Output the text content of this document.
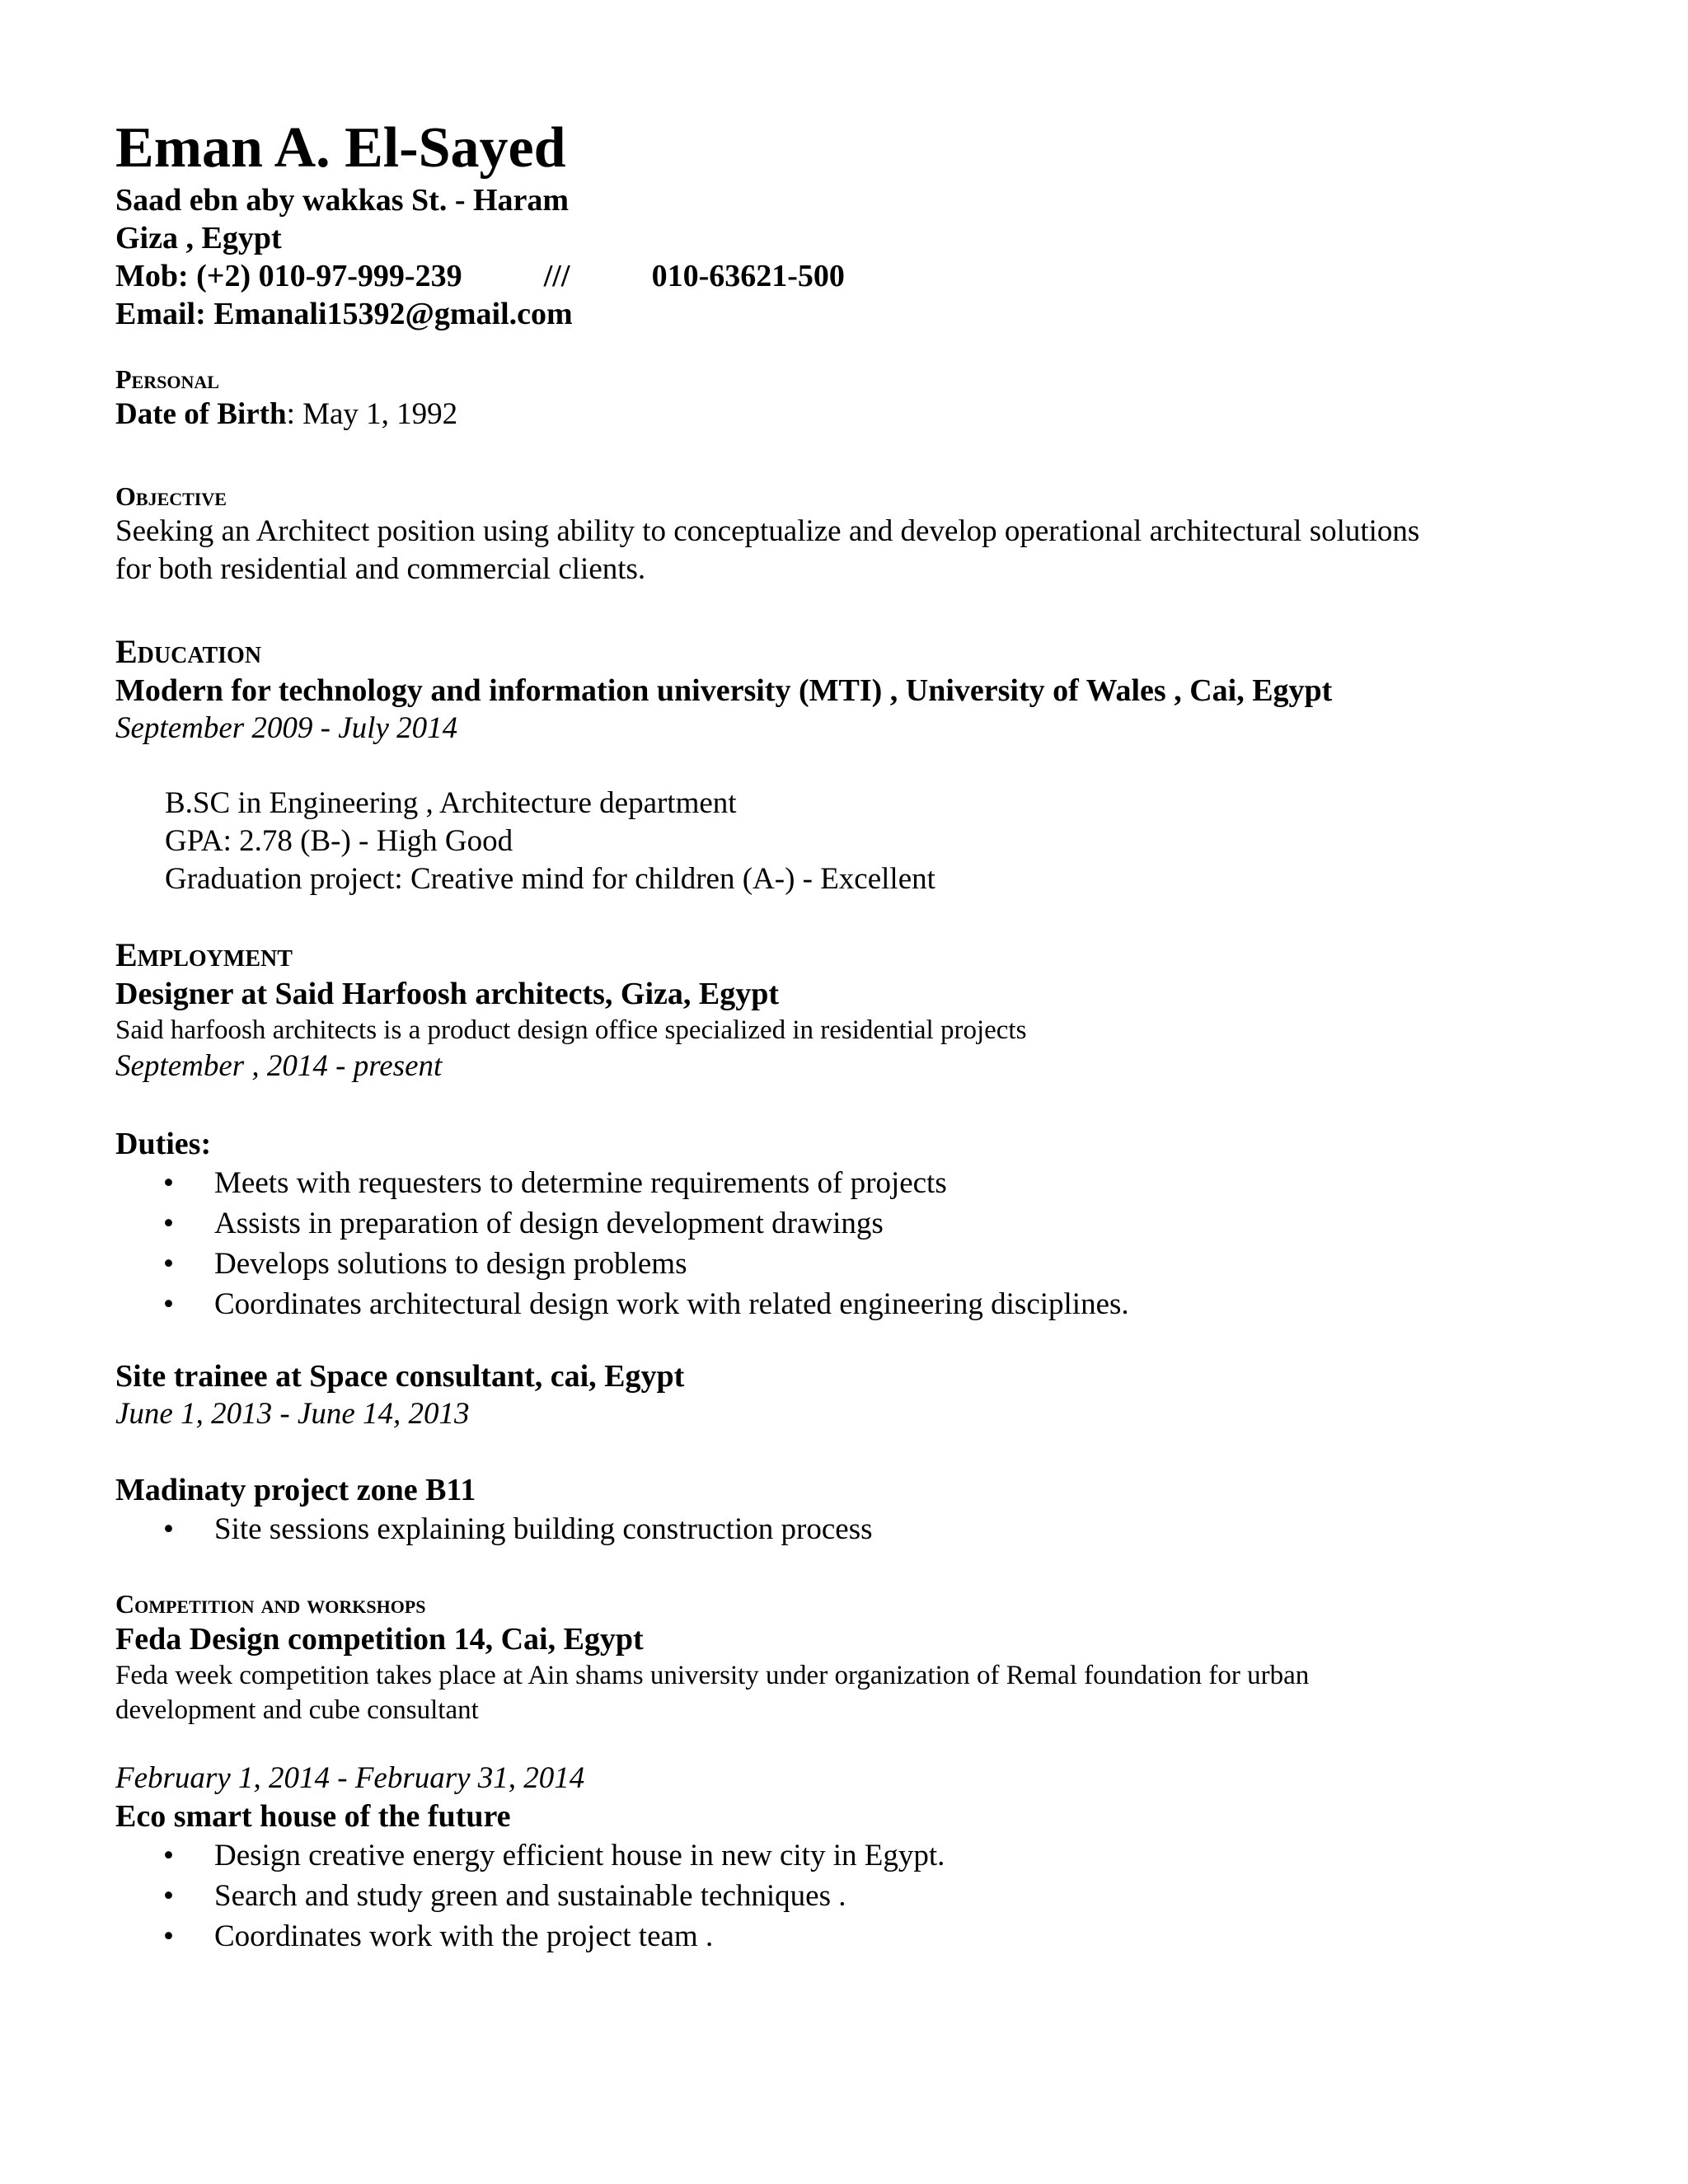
Eman A. El-Sayed
Saad ebn aby wakkas St. - Haram
Giza , Egypt
Mob: (+2) 010-97-999-239	///	010-63621-500
Email: Emanali15392@gmail.com
Personal
Date of Birth: May 1, 1992
Objective
Seeking an Architect position using ability to conceptualize and develop operational architectural solutions
for both residential and commercial clients.
Education
Modern for technology and information university (MTI) , University of Wales , Cai, Egypt
September 2009 - July 2014
B.SC in Engineering , Architecture department
GPA: 2.78 (B-) - High Good
Graduation project: Creative mind for children (A-) - Excellent
Employment
Designer at Said Harfoosh architects, Giza, Egypt
Said harfoosh architects is a product design office specialized in residential projects
September , 2014 - present
Duties:
• Meets with requesters to determine requirements of projects
• Assists in preparation of design development drawings
• Develops solutions to design problems
• Coordinates architectural design work with related engineering disciplines.
Site trainee at Space consultant, cai, Egypt
June 1, 2013 - June 14, 2013
Madinaty project zone B11
• Site sessions explaining building construction process
Competition and workshops
Feda Design competition 14, Cai, Egypt
Feda week competition takes place at Ain shams university under organization of Remal foundation for urban
development and cube consultant
February 1, 2014 - February 31, 2014
Eco smart house of the future
• Design creative energy efficient house in new city in Egypt.
• Search and study green and sustainable techniques .
• Coordinates work with the project team .
